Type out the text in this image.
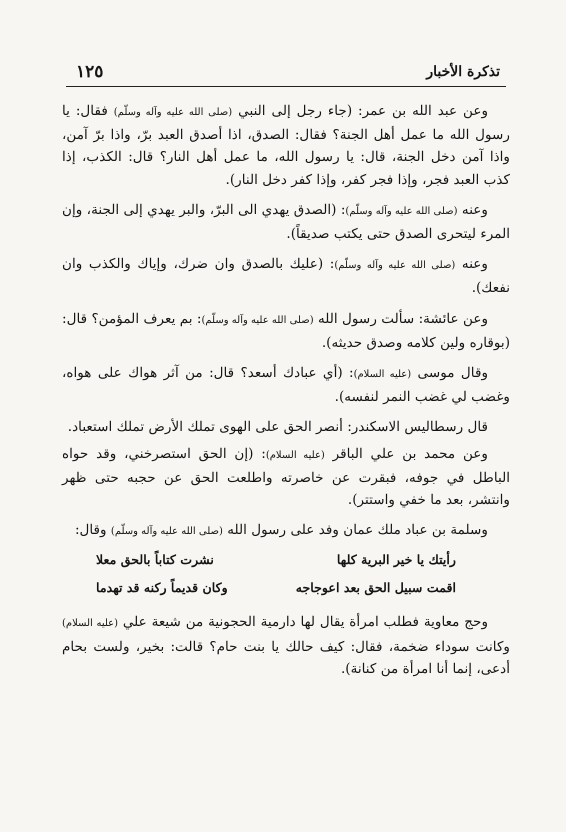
١٢٥	تذكرة الأخبار

وعن عبد الله بن عمر: (جاء رجل إلى النبي (صلى الله عليه وآله وسلّم) فقال: يا رسول الله ما عمل أهل الجنة؟ فقال: الصدق، اذا أصدق العبد برّ، واذا برّ آمن، واذا آمن دخل الجنة، قال: يا رسول الله، ما عمل أهل النار؟ قال: الكذب، إذا كذب العبد فجر، وإذا فجر كفر، وإذا كفر دخل النار).

وعنه (صلى الله عليه وآله وسلّم): (الصدق يهدي الى البرّ، والبر يهدي إلى الجنة، وإن المرء ليتحرى الصدق حتى يكتب صديقاً).

وعنه (صلى الله عليه وآله وسلّم): (عليك بالصدق وان ضرك، وإياك والكذب وان نفعك).

وعن عائشة: سألت رسول الله (صلى الله عليه وآله وسلّم): بم يعرف المؤمن؟ قال: (بوقاره ولين كلامه وصدق حديثه).

وقال موسى (عليه السلام): (أي عبادك أسعد؟ قال: من آثر هواك على هواه، وغضب لي غضب النمر لنفسه).

قال رسطاليس الاسكندر: أنصر الحق على الهوى تملك الأرض تملك استعباد.

وعن محمد بن علي الباقر (عليه السلام): (إن الحق استصرخني، وقد حواه الباطل في جوفه، فبقرت عن خاصرته واطلعت الحق عن حجبه حتى ظهر وانتشر، بعد ما خفي واستتر).

وسلمة بن عباد ملك عمان وفد على رسول الله (صلى الله عليه وآله وسلّم) وقال:

رأيتك يا خير البرية كلها
نشرت كتاباً بالحق معلا
اقمت سبيل الحق بعد اعوجاجه
وكان قديماً ركنه قد تهدما

وحج معاوية فطلب امرأة يقال لها دارمية الحجونية من شيعة علي (عليه السلام) وكانت سوداء ضخمة، فقال: كيف حالك يا بنت حام؟ قالت: بخير، ولست بحام أدعى، إنما أنا امرأة من كنانة).
